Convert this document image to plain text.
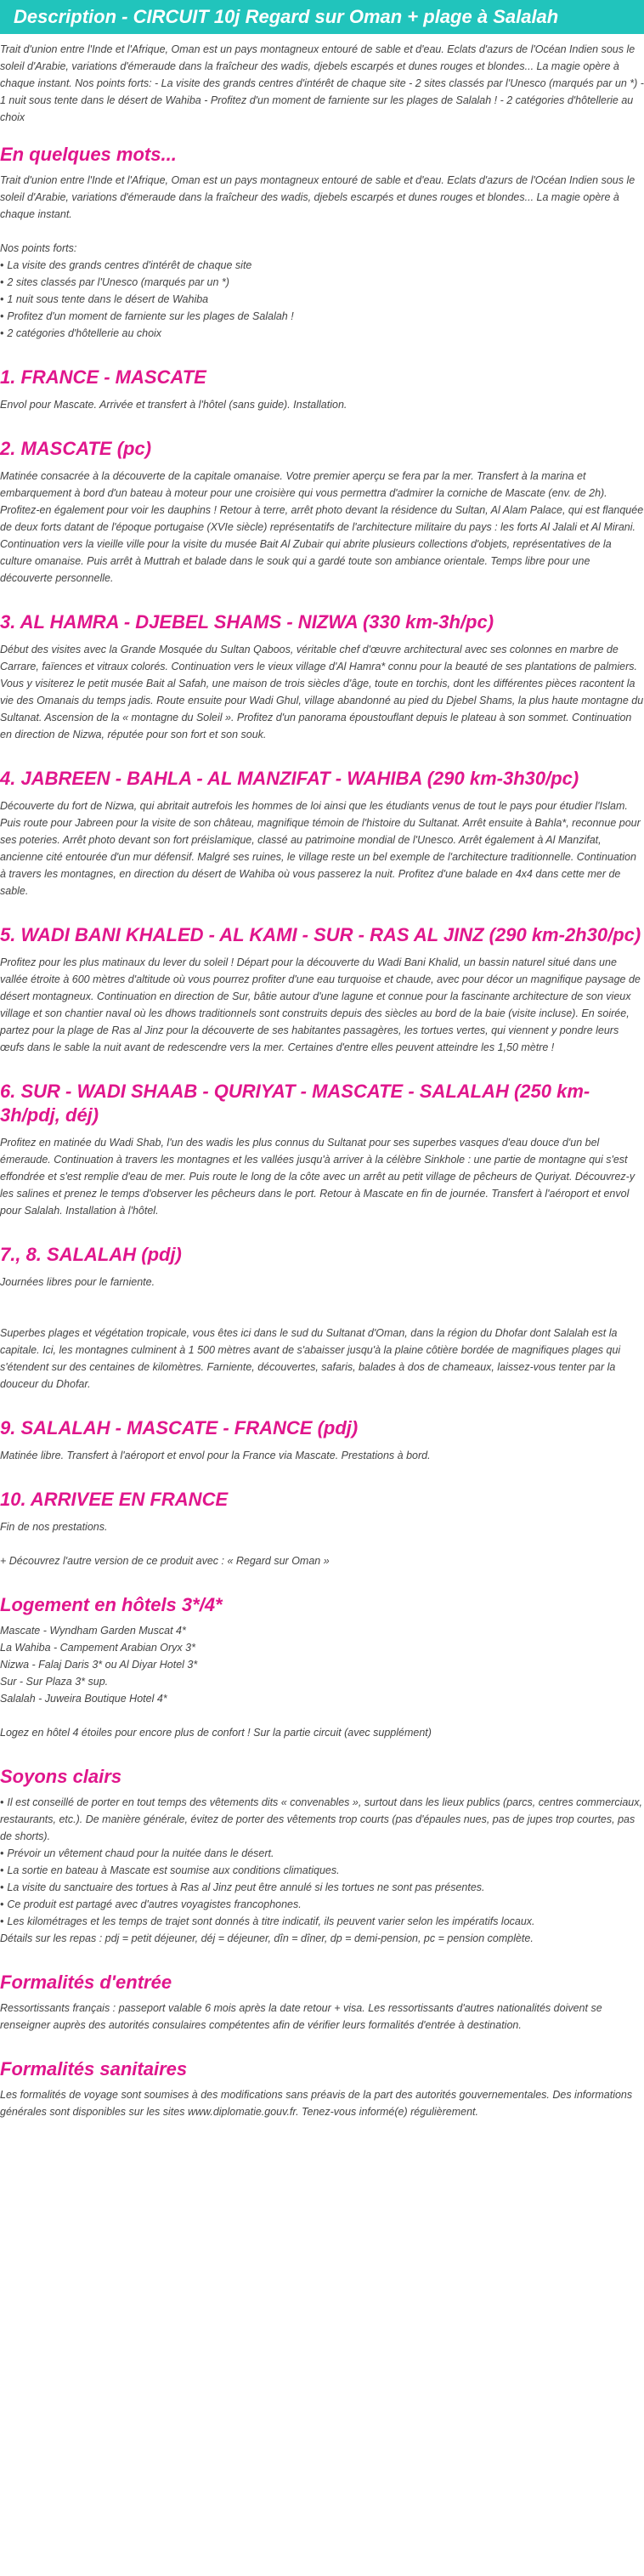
Description - CIRCUIT 10j Regard sur Oman + plage à Salalah

Trait d'union entre l'Inde et l'Afrique, Oman est un pays montagneux entouré de sable et d'eau. Eclats d'azurs de l'Océan Indien sous le soleil d'Arabie, variations d'émeraude dans la fraîcheur des wadis, djebels escarpés et dunes rouges et blondes... La magie opère à chaque instant. Nos points forts: - La visite des grands centres d'intérêt de chaque site - 2 sites classés par l'Unesco (marqués par un *) - 1 nuit sous tente dans le désert de Wahiba - Profitez d'un moment de farniente sur les plages de Salalah ! - 2 catégories d'hôtellerie au choix

En quelques mots...

Trait d'union entre l'Inde et l'Afrique, Oman est un pays montagneux entouré de sable et d'eau. Eclats d'azurs de l'Océan Indien sous le soleil d'Arabie, variations d'émeraude dans la fraîcheur des wadis, djebels escarpés et dunes rouges et blondes... La magie opère à chaque instant.

Nos points forts:

• La visite des grands centres d'intérêt de chaque site
• 2 sites classés par l'Unesco (marqués par un *)
• 1 nuit sous tente dans le désert de Wahiba
• Profitez d'un moment de farniente sur les plages de Salalah !
• 2 catégories d'hôtellerie au choix
1. FRANCE - MASCATE

Envol pour Mascate. Arrivée et transfert à l'hôtel (sans guide). Installation.

2. MASCATE (pc)

Matinée consacrée à la découverte de la capitale omanaise. Votre premier aperçu se fera par la mer. Transfert à la marina et embarquement à bord d'un bateau à moteur pour une croisière qui vous permettra d'admirer la corniche de Mascate (env. de 2h). Profitez-en également pour voir les dauphins ! Retour à terre, arrêt photo devant la résidence du Sultan, Al Alam Palace, qui est flanquée de deux forts datant de l'époque portugaise (XVIe siècle) représentatifs de l'architecture militaire du pays : les forts Al Jalali et Al Mirani. Continuation vers la vieille ville pour la visite du musée Bait Al Zubair qui abrite plusieurs collections d'objets, représentatives de la culture omanaise. Puis arrêt à Muttrah et balade dans le souk qui a gardé toute son ambiance orientale. Temps libre pour une découverte personnelle.

3. AL HAMRA - DJEBEL SHAMS - NIZWA (330 km-3h/pc)

Début des visites avec la Grande Mosquée du Sultan Qaboos, véritable chef d'œuvre architectural avec ses colonnes en marbre de Carrare, faïences et vitraux colorés. Continuation vers le vieux village d'Al Hamra* connu pour la beauté de ses plantations de palmiers. Vous y visiterez le petit musée Bait al Safah, une maison de trois siècles d'âge, toute en torchis, dont les différentes pièces racontent la vie des Omanais du temps jadis. Route ensuite pour Wadi Ghul, village abandonné au pied du Djebel Shams, la plus haute montagne du Sultanat. Ascension de la « montagne du Soleil ». Profitez d'un panorama époustouflant depuis le plateau à son sommet. Continuation en direction de Nizwa, réputée pour son fort et son souk.

4. JABREEN - BAHLA - AL MANZIFAT - WAHIBA (290 km-3h30/pc)

Découverte du fort de Nizwa, qui abritait autrefois les hommes de loi ainsi que les étudiants venus de tout le pays pour étudier l'Islam. Puis route pour Jabreen pour la visite de son château, magnifique témoin de l'histoire du Sultanat. Arrêt ensuite à Bahla*, reconnue pour ses poteries. Arrêt photo devant son fort préislamique, classé au patrimoine mondial de l'Unesco. Arrêt également à Al Manzifat, ancienne cité entourée d'un mur défensif. Malgré ses ruines, le village reste un bel exemple de l'architecture traditionnelle. Continuation à travers les montagnes, en direction du désert de Wahiba où vous passerez la nuit. Profitez d'une balade en 4x4 dans cette mer de sable.

5. WADI BANI KHALED - AL KAMI - SUR - RAS AL JINZ (290 km-2h30/pc)

Profitez pour les plus matinaux du lever du soleil ! Départ pour la découverte du Wadi Bani Khalid, un bassin naturel situé dans une vallée étroite à 600 mètres d'altitude où vous pourrez profiter d'une eau turquoise et chaude, avec pour décor un magnifique paysage de désert montagneux. Continuation en direction de Sur, bâtie autour d'une lagune et connue pour la fascinante architecture de son vieux village et son chantier naval où les dhows traditionnels sont construits depuis des siècles au bord de la baie (visite incluse). En soirée, partez pour la plage de Ras al Jinz pour la découverte de ses habitantes passagères, les tortues vertes, qui viennent y pondre leurs œufs dans le sable la nuit avant de redescendre vers la mer. Certaines d'entre elles peuvent atteindre les 1,50 mètre !

6. SUR - WADI SHAAB - QURIYAT - MASCATE - SALALAH (250 km-3h/pdj, déj)

Profitez en matinée du Wadi Shab, l'un des wadis les plus connus du Sultanat pour ses superbes vasques d'eau douce d'un bel émeraude. Continuation à travers les montagnes et les vallées jusqu'à arriver à la célèbre Sinkhole : une partie de montagne qui s'est effondrée et s'est remplie d'eau de mer. Puis route le long de la côte avec un arrêt au petit village de pêcheurs de Quriyat. Découvrez-y les salines et prenez le temps d'observer les pêcheurs dans le port. Retour à Mascate en fin de journée. Transfert à l'aéroport et envol pour Salalah. Installation à l'hôtel.

7., 8. SALALAH (pdj)

Journées libres pour le farniente.

Superbes plages et végétation tropicale, vous êtes ici dans le sud du Sultanat d'Oman, dans la région du Dhofar dont Salalah est la capitale. Ici, les montagnes culminent à 1 500 mètres avant de s'abaisser jusqu'à la plaine côtière bordée de magnifiques plages qui s'étendent sur des centaines de kilomètres. Farniente, découvertes, safaris, balades à dos de chameaux, laissez-vous tenter par la douceur du Dhofar.

9. SALALAH - MASCATE - FRANCE (pdj)

Matinée libre. Transfert à l'aéroport et envol pour la France via Mascate. Prestations à bord.

10. ARRIVEE EN FRANCE

Fin de nos prestations.

+ Découvrez l'autre version de ce produit avec : « Regard sur Oman »

Logement en hôtels 3*/4*
Mascate - Wyndham Garden Muscat 4*
La Wahiba - Campement Arabian Oryx 3*
Nizwa - Falaj Daris 3* ou Al Diyar Hotel 3*
Sur - Sur Plaza 3* sup.
Salalah - Juweira Boutique Hotel 4*

Logez en hôtel 4 étoiles pour encore plus de confort ! Sur la partie circuit (avec supplément)

Soyons clairs
• Il est conseillé de porter en tout temps des vêtements dits « convenables », surtout dans les lieux publics (parcs, centres commerciaux, restaurants, etc.). De manière générale, évitez de porter des vêtements trop courts (pas d'épaules nues, pas de jupes trop courtes, pas de shorts).
• Prévoir un vêtement chaud pour la nuitée dans le désert.
• La sortie en bateau à Mascate est soumise aux conditions climatiques.
• La visite du sanctuaire des tortues à Ras al Jinz peut être annulé si les tortues ne sont pas présentes.
• Ce produit est partagé avec d'autres voyagistes francophones.
• Les kilométrages et les temps de trajet sont donnés à titre indicatif, ils peuvent varier selon les impératifs locaux.

Détails sur les repas : pdj = petit déjeuner, déj = déjeuner, dîn = dîner, dp = demi-pension, pc = pension complète.

Formalités d'entrée

Ressortissants français : passeport valable 6 mois après la date retour + visa. Les ressortissants d'autres nationalités doivent se renseigner auprès des autorités consulaires compétentes afin de vérifier leurs formalités d'entrée à destination.

Formalités sanitaires

Les formalités de voyage sont soumises à des modifications sans préavis de la part des autorités gouvernementales. Des informations générales sont disponibles sur les sites www.diplomatie.gouv.fr. Tenez-vous informé(e) régulièrement.
